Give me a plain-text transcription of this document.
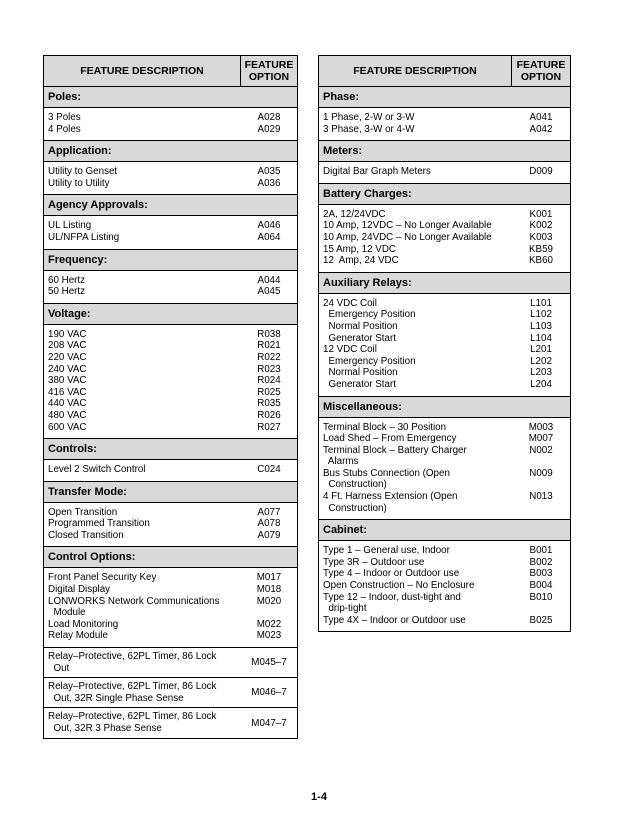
FEATURE DESCRIPTION	FEATURE
OPTION
Poles:
3 Poles	A028
4 Poles	A029
Application:
Utility to Genset	A035
Utility to Utility	A036
Agency Approvals:
UL Listing	A046
UL/NFPA Listing	A064
Frequency:
60 Hertz	A044
50 Hertz	A045
Voltage:
190 VAC	R038
208 VAC	R021
220 VAC	R022
240 VAC	R023
380 VAC	R024
416 VAC	R025
440 VAC	R035
480 VAC	R026
600 VAC	R027
Controls:
Level 2 Switch Control	C024
Transfer Mode:
Open Transition	A077
Programmed Transition	A078
Closed Transition	A079
Control Options:
Front Panel Security Key	M017
Digital Display	M018
LONWORKS Network Communications	M020
Module
Load Monitoring	M022
Relay Module	M023
Relay–Protective, 62PL Timer, 86 Lock
Out	M045–7
Relay–Protective, 62PL Timer, 86 Lock
Out, 32R Single Phase Sense	M046–7
Relay–Protective, 62PL Timer, 86 Lock
Out, 32R 3 Phase Sense	M047–7
FEATURE DESCRIPTION	FEATURE
OPTION
Phase:
1 Phase, 2-W or 3-W	A041
3 Phase, 3-W or 4-W	A042
Meters:
Digital Bar Graph Meters	D009
Battery Charges:
2A, 12/24VDC	K001
10 Amp, 12VDC – No Longer Available	K002
10 Amp, 24VDC – No Longer Available	K003
15 Amp, 12 VDC	KB59
12  Amp, 24 VDC	KB60
Auxiliary Relays:
24 VDC Coil	L101
Emergency Position	L102
Normal Position	L103
Generator Start	L104
12 VDC Coil	L201
Emergency Position	L202
Normal Position	L203
Generator Start	L204
Miscellaneous:
Terminal Block – 30 Position	M003
Load Shed – From Emergency	M007
Terminal Block – Battery Charger	N002
Alarms
Bus Stubs Connection (Open	N009
Construction)
4 Ft. Harness Extension (Open	N013
Construction)
Cabinet:
Type 1 – General use, Indoor	B001
Type 3R – Outdoor use	B002
Type 4 – Indoor or Outdoor use	B003
Open Construction – No Enclosure	B004
Type 12 – Indoor, dust-tight and	B010
drip-tight
Type 4X – Indoor or Outdoor use	B025
1-4
